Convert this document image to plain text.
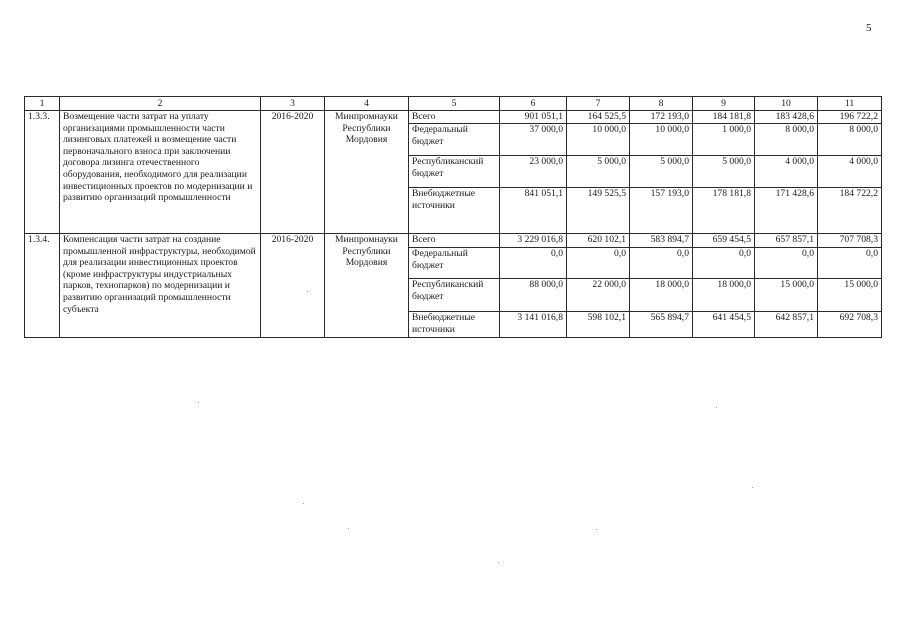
5
1	2	3	4	5	6	7	8	9	10	11
1.3.3.	Возмещение части затрат на уплату организациями промышленности части лизинговых платежей и возмещение части первоначального взноса при заключении договора лизинга отечественного оборудования, необходимого для реализации инвестиционных проектов по модернизации и развитию организаций промышленности	2016-2020	Минпромнауки Республики Мордовия	Всего	901 051,1	164 525,5	172 193,0	184 181,8	183 428,6	196 722,2
				Федеральный бюджет	37 000,0	10 000,0	10 000,0	1 000,0	8 000,0	8 000,0
				Республиканский бюджет	23 000,0	5 000,0	5 000,0	5 000,0	4 000,0	4 000,0
				Внебюджетные источники	841 051,1	149 525,5	157 193,0	178 181,8	171 428,6	184 722,2
1.3.4.	Компенсация части затрат на создание промышленной инфраструктуры, необходимой для реализации инвестиционных проектов (кроме инфраструктуры индустриальных парков, технопарков) по модернизации и развитию организаций промышленности субъекта	2016-2020	Минпромнауки Республики Мордовия	Всего	3 229 016,8	620 102,1	583 894,7	659 454,5	657 857,1	707 708,3
				Федеральный бюджет	0,0	0,0	0,0	0,0	0,0	0,0
				Республиканский бюджет	88 000,0	22 000,0	18 000,0	18 000,0	15 000,0	15 000,0
				Внебюджетные источники	3 141 016,8	598 102,1	565 894,7	641 454,5	642 857,1	692 708,3
